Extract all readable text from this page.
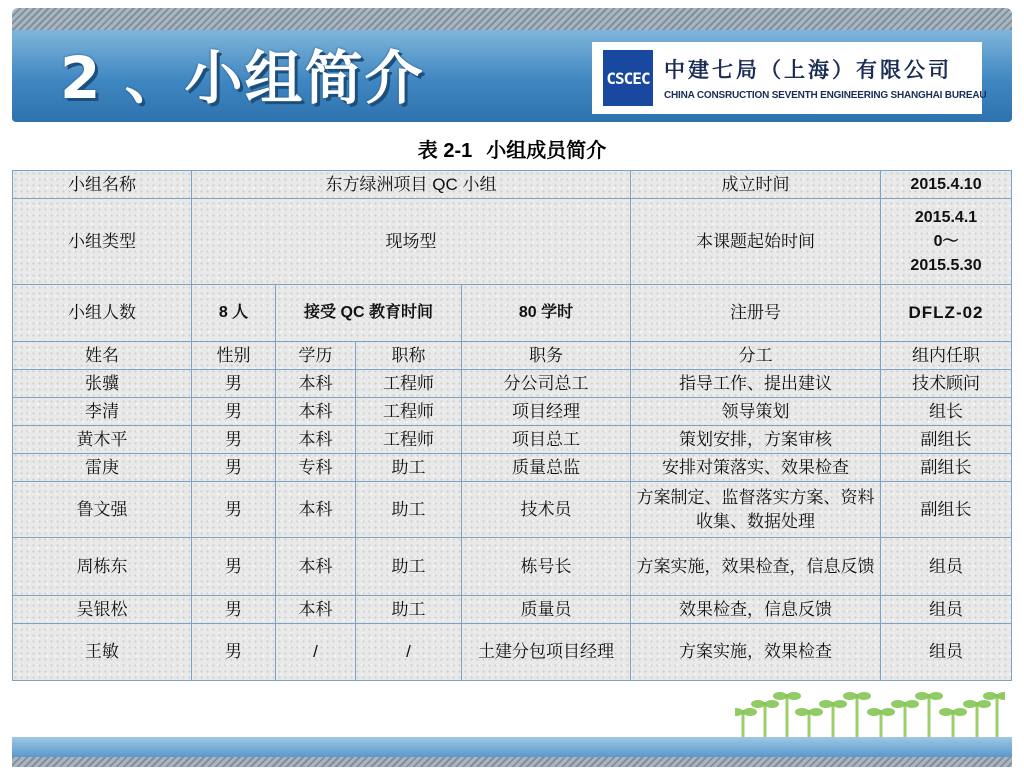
2 、小组简介	CSCEC 中建七局（上海）有限公司
CHINA CONSRUCTION SEVENTH ENGINEERING SHANGHAI BUREAU
表 2-1 小组成员简介
小组名称	东方绿洲项目 QC 小组				成立时间	2015.4.10
小组类型	现场型				本课题起始时间	2015.4.1
0～
2015.5.30
小组人数	8 人	接受 QC 教育时间		80 学时	注册号	DFLZ-02
姓名	性别	学历	职称	职务	分工	组内任职
张骥	男	本科	工程师	分公司总工	指导工作、提出建议	技术顾问
李清	男	本科	工程师	项目经理	领导策划	组长
黄木平	男	本科	工程师	项目总工	策划安排，方案审核	副组长
雷庚	男	专科	助工	质量总监	安排对策落实、效果检查	副组长
鲁文强	男	本科	助工	技术员	方案制定、监督落实方案、资料收集、数据处理	副组长
周栋东	男	本科	助工	栋号长	方案实施，效果检查，信息反馈	组员
吴银松	男	本科	助工	质量员	效果检查，信息反馈	组员
王敏	男	/	/	土建分包项目经理	方案实施，效果检查	组员
